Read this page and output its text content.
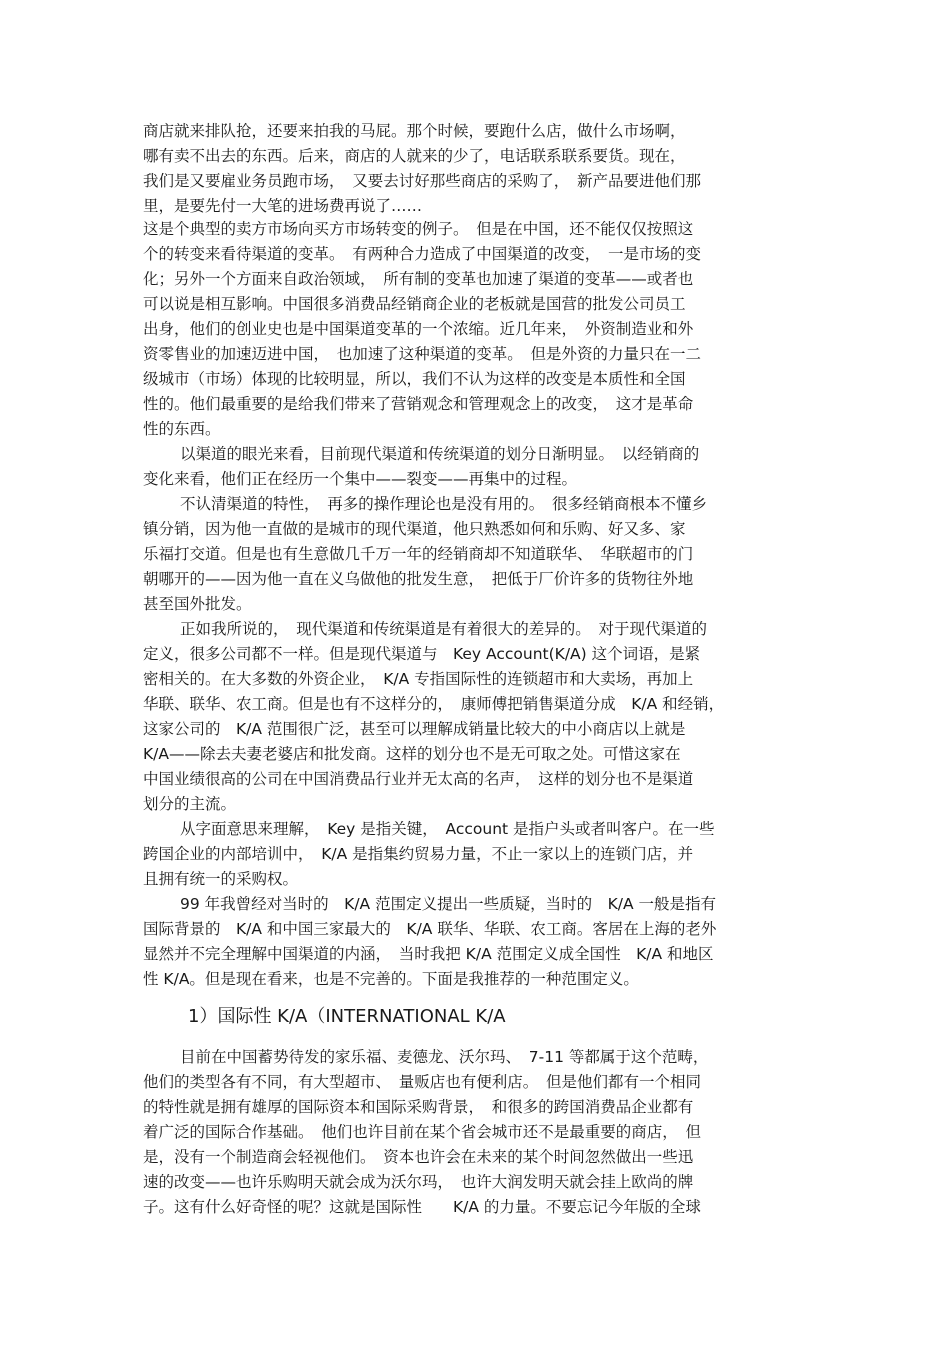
商店就来排队抢，还要来拍我的马屁。那个时候，要跑什么店，做什么市场啊，
哪有卖不出去的东西。后来，商店的人就来的少了，电话联系联系要货。现在，
我们是又要雇业务员跑市场，　又要去讨好那些商店的采购了，　新产品要进他们那
里，是要先付一大笔的进场费再说了……
这是个典型的卖方市场向买方市场转变的例子。　但是在中国，还不能仅仅按照这
个的转变来看待渠道的变革。　有两种合力造成了中国渠道的改变，　一是市场的变
化；另外一个方面来自政治领域，　所有制的变革也加速了渠道的变革——或者也
可以说是相互影响。中国很多消费品经销商企业的老板就是国营的批发公司员工
出身，他们的创业史也是中国渠道变革的一个浓缩。近几年来，　外资制造业和外
资零售业的加速迈进中国，　也加速了这种渠道的变革。　但是外资的力量只在一二
级城市（市场）体现的比较明显，所以，我们不认为这样的改变是本质性和全国
性的。他们最重要的是给我们带来了营销观念和管理观念上的改变，　这才是革命
性的东西。
以渠道的眼光来看，目前现代渠道和传统渠道的划分日渐明显。　以经销商的
变化来看，他们正在经历一个集中——裂变——再集中的过程。
不认清渠道的特性，　再多的操作理论也是没有用的。　很多经销商根本不懂乡
镇分销，因为他一直做的是城市的现代渠道，他只熟悉如何和乐购、好又多、家
乐福打交道。但是也有生意做几千万一年的经销商却不知道联华、　华联超市的门
朝哪开的——因为他一直在义乌做他的批发生意，　把低于厂价许多的货物往外地
甚至国外批发。
正如我所说的，　现代渠道和传统渠道是有着很大的差异的。　对于现代渠道的
定义，很多公司都不一样。但是现代渠道与　Key Account(K/A) 这个词语，是紧
密相关的。在大多数的外资企业，　K/A 专指国际性的连锁超市和大卖场，再加上
华联、联华、农工商。但是也有不这样分的，　康师傅把销售渠道分成　K/A 和经销，
这家公司的　K/A 范围很广泛，甚至可以理解成销量比较大的中小商店以上就是
K/A——除去夫妻老婆店和批发商。这样的划分也不是无可取之处。可惜这家在
中国业绩很高的公司在中国消费品行业并无太高的名声，　这样的划分也不是渠道
划分的主流。
从字面意思来理解，　Key 是指关键，　Account 是指户头或者叫客户。在一些
跨国企业的内部培训中，　K/A 是指集约贸易力量，不止一家以上的连锁门店，并
且拥有统一的采购权。
99 年我曾经对当时的　K/A 范围定义提出一些质疑，当时的　K/A 一般是指有
国际背景的　K/A 和中国三家最大的　K/A 联华、华联、农工商。客居在上海的老外
显然并不完全理解中国渠道的内涵，　当时我把 K/A 范围定义成全国性　K/A 和地区
性 K/A。但是现在看来，也是不完善的。下面是我推荐的一种范围定义。
1）国际性 K/A（INTERNATIONAL K/A
目前在中国蓄势待发的家乐福、麦德龙、沃尔玛、　7-11 等都属于这个范畴，
他们的类型各有不同，有大型超市、　量贩店也有便利店。　但是他们都有一个相同
的特性就是拥有雄厚的国际资本和国际采购背景，　和很多的跨国消费品企业都有
着广泛的国际合作基础。　他们也许目前在某个省会城市还不是最重要的商店，　但
是，没有一个制造商会轻视他们。　资本也许会在未来的某个时间忽然做出一些迅
速的改变——也许乐购明天就会成为沃尔玛，　也许大润发明天就会挂上欧尚的牌
子。这有什么好奇怪的呢？这就是国际性　　K/A 的力量。不要忘记今年版的全球
